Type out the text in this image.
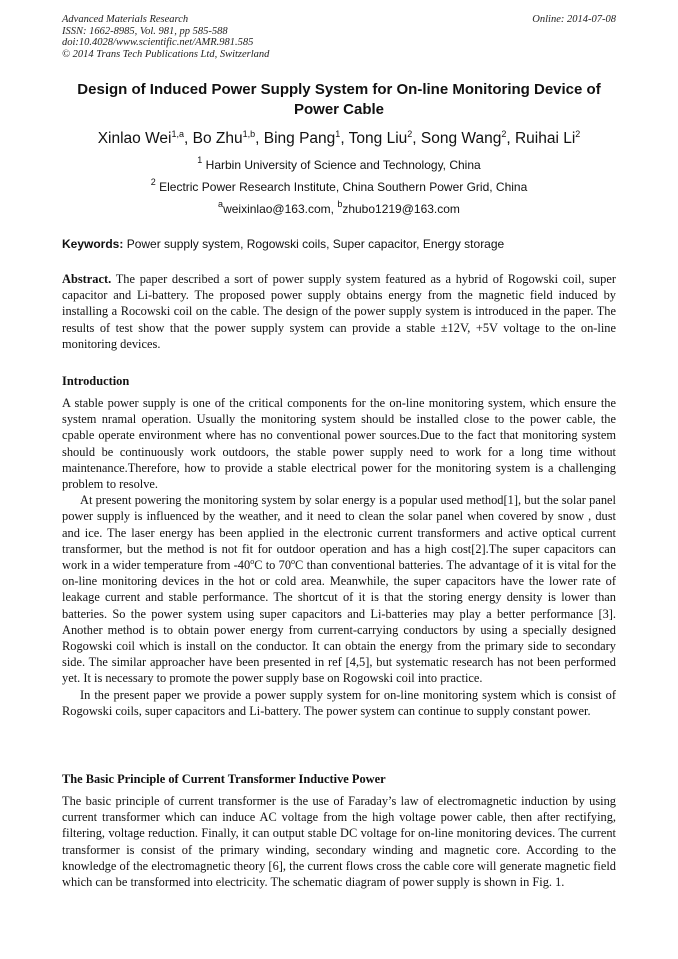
Advanced Materials Research
ISSN: 1662-8985, Vol. 981, pp 585-588
doi:10.4028/www.scientific.net/AMR.981.585
© 2014 Trans Tech Publications Ltd, Switzerland
Online: 2014-07-08
Design of Induced Power Supply System for On-line Monitoring Device of Power Cable
Xinlao Wei$^{1,a}$, Bo Zhu$^{1,b}$, Bing Pang$^1$, Tong Liu$^2$, Song Wang$^2$, Ruihai Li$^2$
$^1$ Harbin University of Science and Technology, China
$^2$ Electric Power Research Institute, China Southern Power Grid, China
$^a$weixinlao@163.com, $^b$zhubo1219@163.com
Keywords: Power supply system, Rogowski coils, Super capacitor, Energy storage

Abstract. The paper described a sort of power supply system featured as a hybrid of Rogowski coil, super capacitor and Li-battery. The proposed power supply obtains energy from the magnetic field induced by installing a Rocowski coil on the cable. The design of the power supply system is introduced in the paper. The results of test show that the power supply system can provide a stable ±12V, +5V voltage to the on-line monitoring devices.

Introduction

A stable power supply is one of the critical components for the on-line monitoring system, which ensure the system nramal operation. Usually the monitoring system should be installed close to the power cable, the cpable operate environment where has no conventional power sources.Due to the fact that monitoring system should be continuously work outdoors, the stable power supply need to work for a long time without maintenance.Therefore, how to provide a stable electrical power for the monitoring system is a challenging problem to resolve.

At present powering the monitoring system by solar energy is a popular used method[1], but the solar panel power supply is influenced by the weather, and it need to clean the solar panel when covered by snow , dust and ice. The laser energy has been applied in the electronic current transformers and active optical current transformer, but the method is not fit for outdoor operation and has a high cost[2].The super capacitors can work in a wider temperature from -40$^o$C to 70$^o$C than conventional batteries. The advantage of it is vital for the on-line monitoring devices in the hot or cold area. Meanwhile, the super capacitors have the lower rate of leakage current and stable performance. The shortcut of it is that the storing energy density is lower than batteries. So the power system using super capacitors and Li-batteries may play a better performance [3]. Another method is to obtain power energy from current-carrying conductors by using a specially designed Rogowski coil which is install on the conductor. It can obtain the energy from the primary side to secondary side. The similar approacher have been presented in ref [4,5], but systematic research has not been performed yet. It is necessary to promote the power supply base on Rogowski coil into practice.

In the present paper we provide a power supply system for on-line monitoring system which is consist of Rogowski coils, super capacitors and Li-battery. The power system can continue to supply constant power.

The Basic Principle of Current Transformer Inductive Power

The basic principle of current transformer is the use of Faraday’s law of electromagnetic induction by using current transformer which can induce AC voltage from the high voltage power cable, then after rectifying, filtering, voltage reduction. Finally, it can output stable DC voltage for on-line monitoring devices. The current transformer is consist of the primary winding, secondary winding and magnetic core. According to the knowledge of the electromagnetic theory [6], the current flows cross the cable core will generate magnetic field which can be transformed into electricity. The schematic diagram of power supply is shown in Fig. 1.
